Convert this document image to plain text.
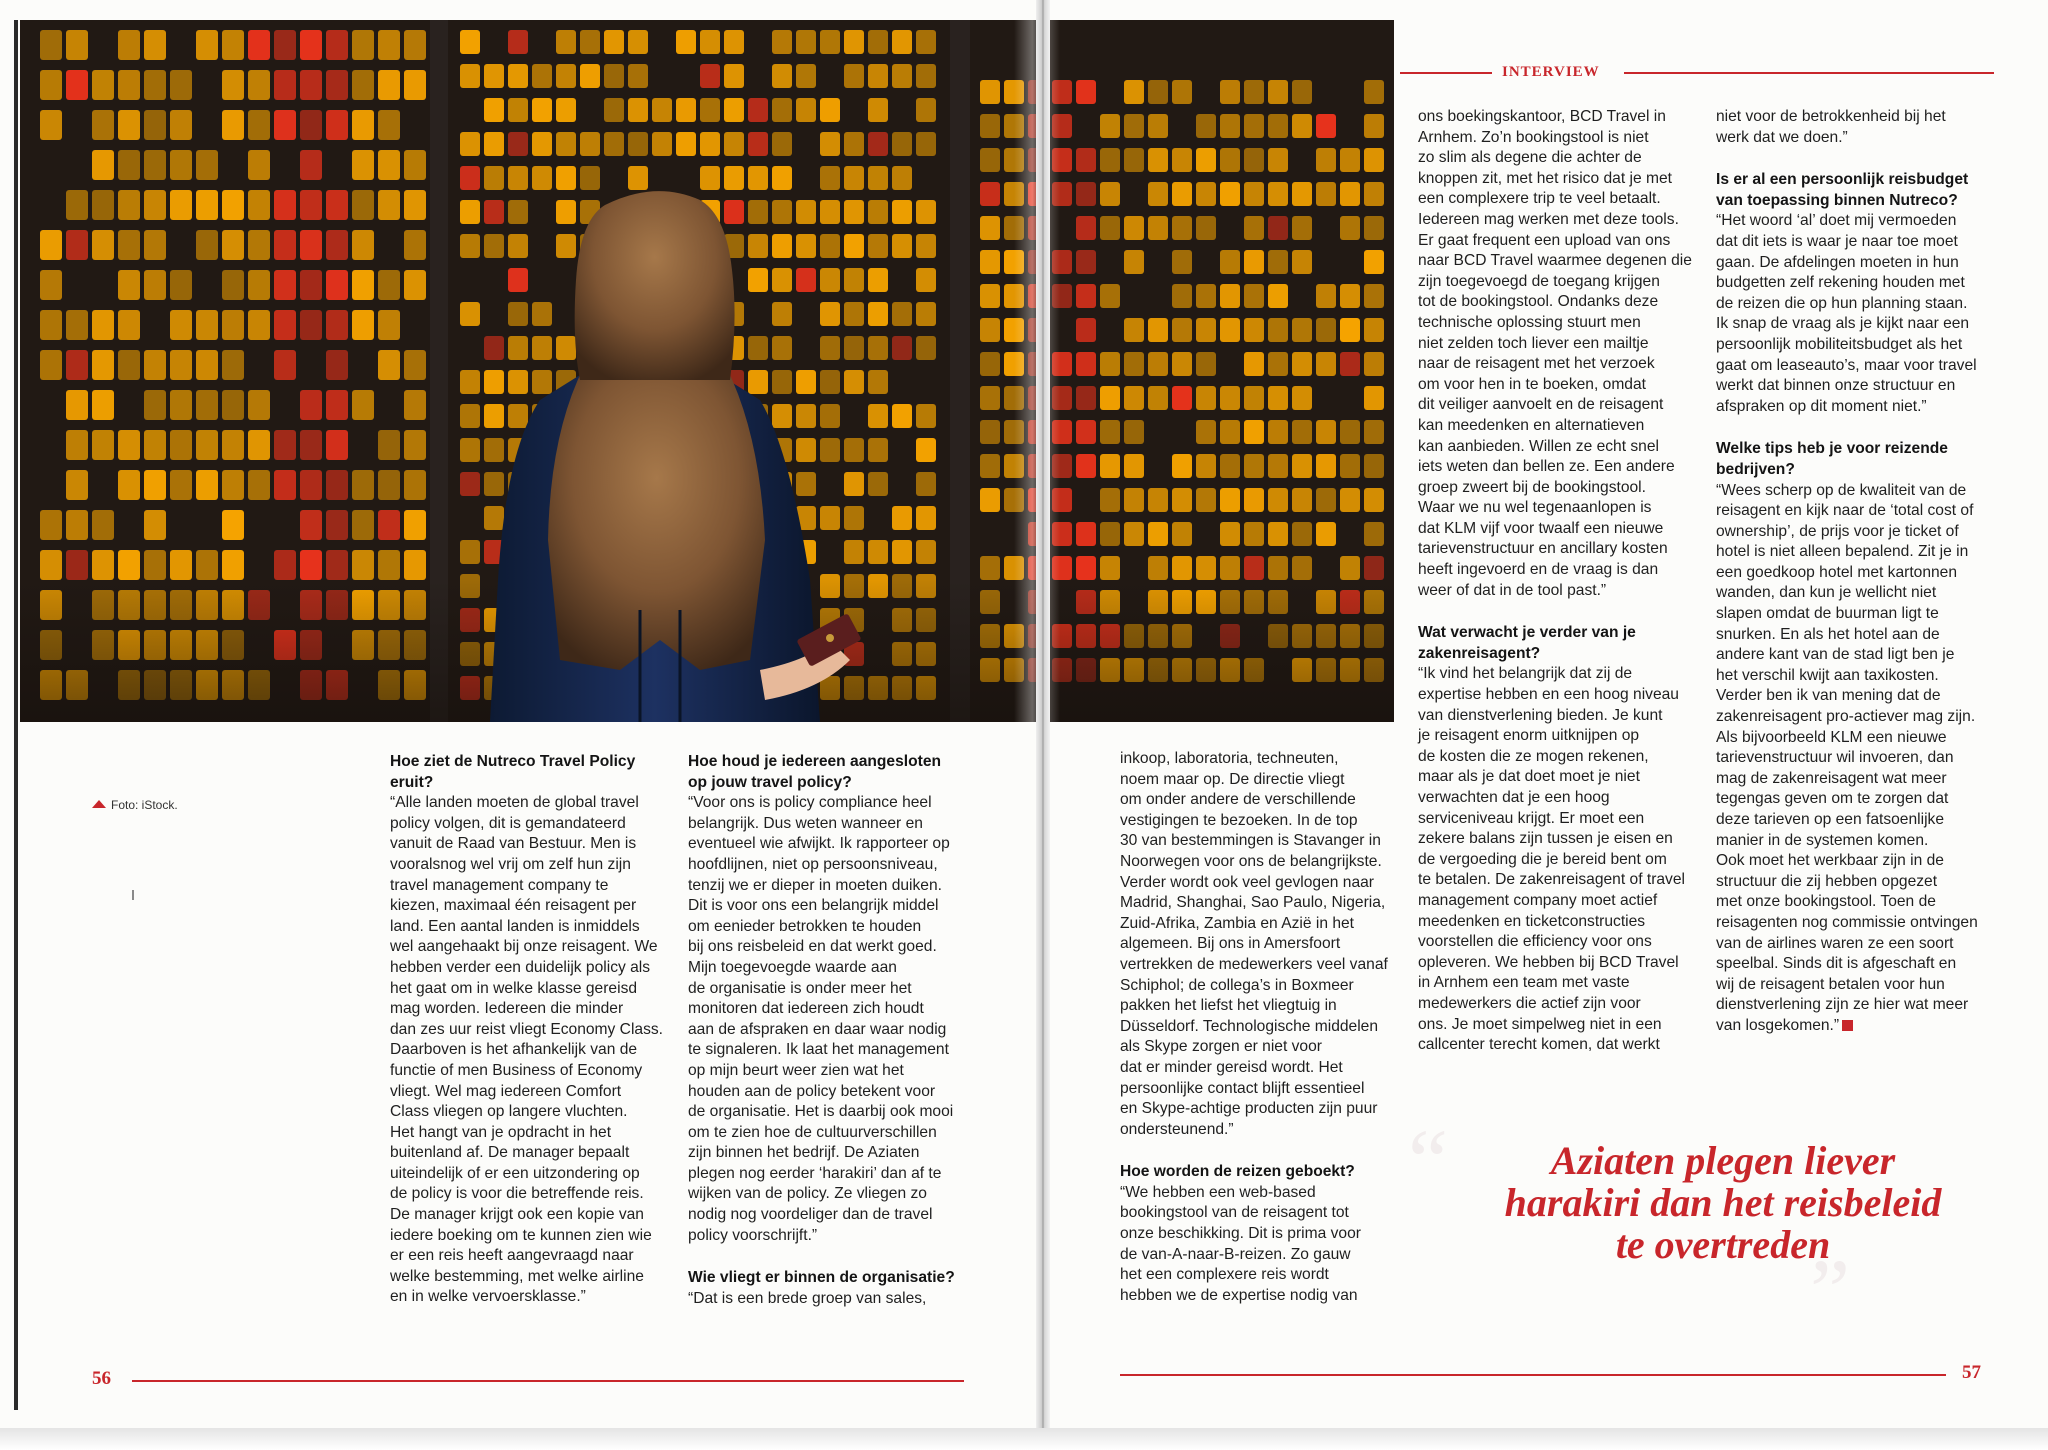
INTERVIEW
Foto: iStock.
Hoe ziet de Nutreco Travel Policy
eruit?

“Alle landen moeten de global travel

policy volgen, dit is gemandateerd

vanuit de Raad van Bestuur. Men is

vooralsnog wel vrij om zelf hun zijn

travel management company te

kiezen, maximaal één reisagent per

land. Een aantal landen is inmiddels

wel aangehaakt bij onze reisagent. We

hebben verder een duidelijk policy als

het gaat om in welke klasse gereisd

mag worden. Iedereen die minder

dan zes uur reist vliegt Economy Class.

Daarboven is het afhankelijk van de

functie of men Business of Economy

vliegt. Wel mag iedereen Comfort

Class vliegen op langere vluchten.

Het hangt van je opdracht in het

buitenland af. De manager bepaalt

uiteindelijk of er een uitzondering op

de policy is voor die betreffende reis.

De manager krijgt ook een kopie van

iedere boeking om te kunnen zien wie

er een reis heeft aangevraagd naar

welke bestemming, met welke airline

en in welke vervoersklasse.”

Hoe houd je iedereen aangesloten
op jouw travel policy?

“Voor ons is policy compliance heel

belangrijk. Dus weten wanneer en

eventueel wie afwijkt. Ik rapporteer op

hoofdlijnen, niet op persoonsniveau,

tenzij we er dieper in moeten duiken.

Dit is voor ons een belangrijk middel

om eenieder betrokken te houden

bij ons reisbeleid en dat werkt goed.

Mijn toegevoegde waarde aan

de organisatie is onder meer het

monitoren dat iedereen zich houdt

aan de afspraken en daar waar nodig

te signaleren. Ik laat het management

op mijn beurt weer zien wat het

houden aan de policy betekent voor

de organisatie. Het is daarbij ook mooi

om te zien hoe de cultuurverschillen

zijn binnen het bedrijf. De Aziaten

plegen nog eerder ‘harakiri’ dan af te

wijken van de policy. Ze vliegen zo

nodig nog voordeliger dan de travel

policy voorschrijft.”

Wie vliegt er binnen de organisatie?

“Dat is een brede groep van sales,

inkoop, laboratoria, techneuten,

noem maar op. De directie vliegt

om onder andere de verschillende

vestigingen te bezoeken. In de top

30 van bestemmingen is Stavanger in

Noorwegen voor ons de belangrijkste.

Verder wordt ook veel gevlogen naar

Madrid, Shanghai, Sao Paulo, Nigeria,

Zuid-Afrika, Zambia en Azië in het

algemeen. Bij ons in Amersfoort

vertrekken de medewerkers veel vanaf

Schiphol; de collega’s in Boxmeer

pakken het liefst het vliegtuig in

Düsseldorf. Technologische middelen

als Skype zorgen er niet voor

dat er minder gereisd wordt. Het

persoonlijke contact blijft essentieel

en Skype-achtige producten zijn puur

ondersteunend.”

Hoe worden de reizen geboekt?

“We hebben een web-based

bookingstool van de reisagent tot

onze beschikking. Dit is prima voor

de van-A-naar-B-reizen. Zo gauw

het een complexere reis wordt

hebben we de expertise nodig van

ons boekingskantoor, BCD Travel in

Arnhem. Zo’n bookingstool is niet

zo slim als degene die achter de

knoppen zit, met het risico dat je met

een complexere trip te veel betaalt.

Iedereen mag werken met deze tools.

Er gaat frequent een upload van ons

naar BCD Travel waarmee degenen die

zijn toegevoegd de toegang krijgen

tot de bookingstool. Ondanks deze

technische oplossing stuurt men

niet zelden toch liever een mailtje

naar de reisagent met het verzoek

om voor hen in te boeken, omdat

dit veiliger aanvoelt en de reisagent

kan meedenken en alternatieven

kan aanbieden. Willen ze echt snel

iets weten dan bellen ze. Een andere

groep zweert bij de bookingstool.

Waar we nu wel tegenaanlopen is

dat KLM vijf voor twaalf een nieuwe

tarievenstructuur en ancillary kosten

heeft ingevoerd en de vraag is dan

weer of dat in de tool past.”

Wat verwacht je verder van je
zakenreisagent?

“Ik vind het belangrijk dat zij de

expertise hebben en een hoog niveau

van dienstverlening bieden. Je kunt

je reisagent enorm uitknijpen op

de kosten die ze mogen rekenen,

maar als je dat doet moet je niet

verwachten dat je een hoog

serviceniveau krijgt. Er moet een

zekere balans zijn tussen je eisen en

de vergoeding die je bereid bent om

te betalen. De zakenreisagent of travel

management company moet actief

meedenken en ticketconstructies

voorstellen die efficiency voor ons

opleveren. We hebben bij BCD Travel

in Arnhem een team met vaste

medewerkers die actief zijn voor

ons. Je moet simpelweg niet in een

callcenter terecht komen, dat werkt

niet voor de betrokkenheid bij het

werk dat we doen.”

Is er al een persoonlijk reisbudget
van toepassing binnen Nutreco?

“Het woord ‘al’ doet mij vermoeden

dat dit iets is waar je naar toe moet

gaan. De afdelingen moeten in hun

budgetten zelf rekening houden met

de reizen die op hun planning staan.

Ik snap de vraag als je kijkt naar een

persoonlijk mobiliteitsbudget als het

gaat om leaseauto’s, maar voor travel

werkt dat binnen onze structuur en

afspraken op dit moment niet.”

Welke tips heb je voor reizende
bedrijven?

“Wees scherp op de kwaliteit van de

reisagent en kijk naar de ‘total cost of

ownership’, de prijs voor je ticket of

hotel is niet alleen bepalend. Zit je in

een goedkoop hotel met kartonnen

wanden, dan kun je wellicht niet

slapen omdat de buurman ligt te

snurken. En als het hotel aan de

andere kant van de stad ligt ben je

het verschil kwijt aan taxikosten.

Verder ben ik van mening dat de

zakenreisagent pro-actiever mag zijn.

Als bijvoorbeeld KLM een nieuwe

tarievenstructuur wil invoeren, dan

mag de zakenreisagent wat meer

tegengas geven om te zorgen dat

deze tarieven op een fatsoenlijke

manier in de systemen komen.

Ook moet het werkbaar zijn in de

structuur die zij hebben opgezet

met onze bookingstool. Toen de

reisagenten nog commissie ontvingen

van de airlines waren ze een soort

speelbal. Sinds dit is afgeschaft en

wij de reisagent betalen voor hun

dienstverlening zijn ze hier wat meer

van losgekomen.”

“
”
Aziaten plegen liever
harakiri dan het reisbeleid
te overtreden
56	57
